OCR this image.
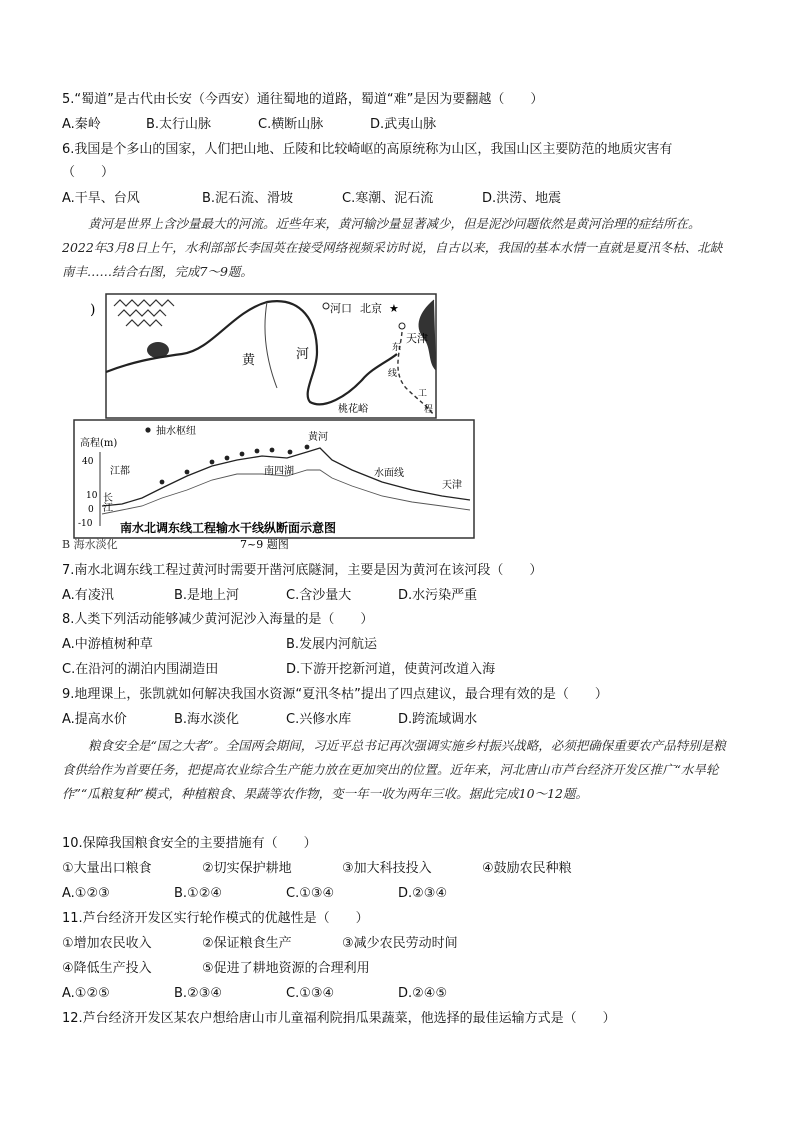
5.“蜀道”是古代由长安（今西安）通往蜀地的道路，蜀道“难”是因为要翻越（　　）
A.秦岭	B.太行山脉	C.横断山脉	D.武夷山脉
6.我国是个多山的国家，人们把山地、丘陵和比较崎岖的高原统称为山区，我国山区主要防范的地质灾害有
（　　）
A.干旱、台风	B.泥石流、滑坡	C.寒潮、泥石流	D.洪涝、地震
黄河是世界上含沙量最大的河流。近些年来，黄河输沙量显著减少，但是泥沙问题依然是黄河治理的症结所在。2022年3月8日上午，水利部部长李国英在接受网络视频采访时说，自古以来，我国的基本水情一直就是夏汛冬枯、北缺南丰……结合右图，完成7～9题。
)	河口 北京 ★
天津
黄	河	东
线
工
程
桃花峪
抽水枢纽
高程(m)
40
10
0
-10
江都
长江
南四湖
黄河
水面线
天津
南水北调东线工程输水干线纵断面示意图
B 海水淡化	7~9 题图
7.南水北调东线工程过黄河时需要开凿河底隧洞，主要是因为黄河在该河段（　　）
A.有凌汛	B.是地上河	C.含沙量大	D.水污染严重
8.人类下列活动能够减少黄河泥沙入海量的是（　　）
A.中游植树种草	B.发展内河航运
C.在沿河的湖泊内围湖造田	D.下游开挖新河道，使黄河改道入海
9.地理课上，张凯就如何解决我国水资源“夏汛冬枯”提出了四点建议，最合理有效的是（　　）
A.提高水价	B.海水淡化	C.兴修水库	D.跨流域调水
粮食安全是“国之大者”。全国两会期间，习近平总书记再次强调实施乡村振兴战略，必须把确保重要农产品特别是粮食供给作为首要任务，把提高农业综合生产能力放在更加突出的位置。近年来，河北唐山市芦台经济开发区推广“水旱轮作”“瓜粮复种”模式，种植粮食、果蔬等农作物，变一年一收为两年三收。据此完成10～12题。
10.保障我国粮食安全的主要措施有（　　）
①大量出口粮食	②切实保护耕地	③加大科技投入	④鼓励农民种粮
A.①②③	B.①②④	C.①③④	D.②③④
11.芦台经济开发区实行轮作模式的优越性是（　　）
①增加农民收入	②保证粮食生产	③减少农民劳动时间
④降低生产投入	⑤促进了耕地资源的合理利用
A.①②⑤	B.②③④	C.①③④	D.②④⑤
12.芦台经济开发区某农户想给唐山市儿童福利院捐瓜果蔬菜，他选择的最佳运输方式是（　　）
